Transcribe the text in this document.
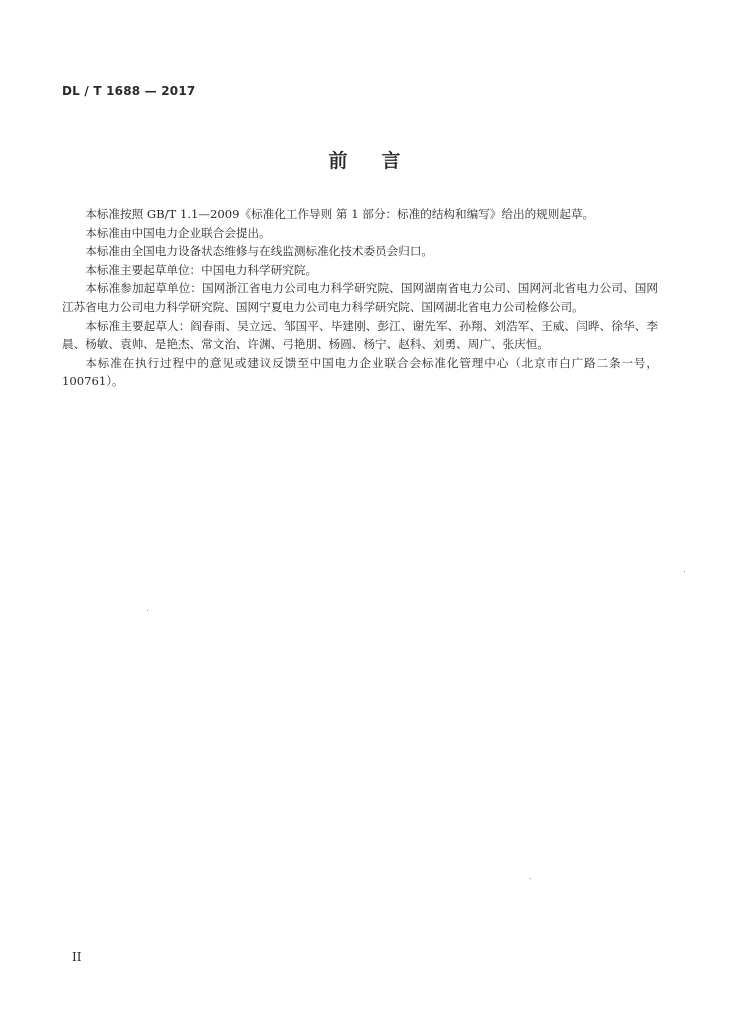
DL / T 1688 — 2017
前言

本标准按照 GB/T 1.1—2009《标准化工作导则 第 1 部分：标准的结构和编写》给出的规则起草。

本标准由中国电力企业联合会提出。

本标准由全国电力设备状态维修与在线监测标准化技术委员会归口。

本标准主要起草单位：中国电力科学研究院。

本标准参加起草单位：国网浙江省电力公司电力科学研究院、国网湖南省电力公司、国网河北省电力公司、国网江苏省电力公司电力科学研究院、国网宁夏电力公司电力科学研究院、国网湖北省电力公司检修公司。

本标准主要起草人：阎春雨、吴立远、邹国平、毕建刚、彭江、谢先军、孙翔、刘浩军、王威、闫晔、徐华、李晨、杨敏、袁帅、是艳杰、常文治、许渊、弓艳朋、杨圆、杨宁、赵科、刘勇、周广、张庆恒。

本标准在执行过程中的意见或建议反馈至中国电力企业联合会标准化管理中心（北京市白广路二条一号，100761）。

II
